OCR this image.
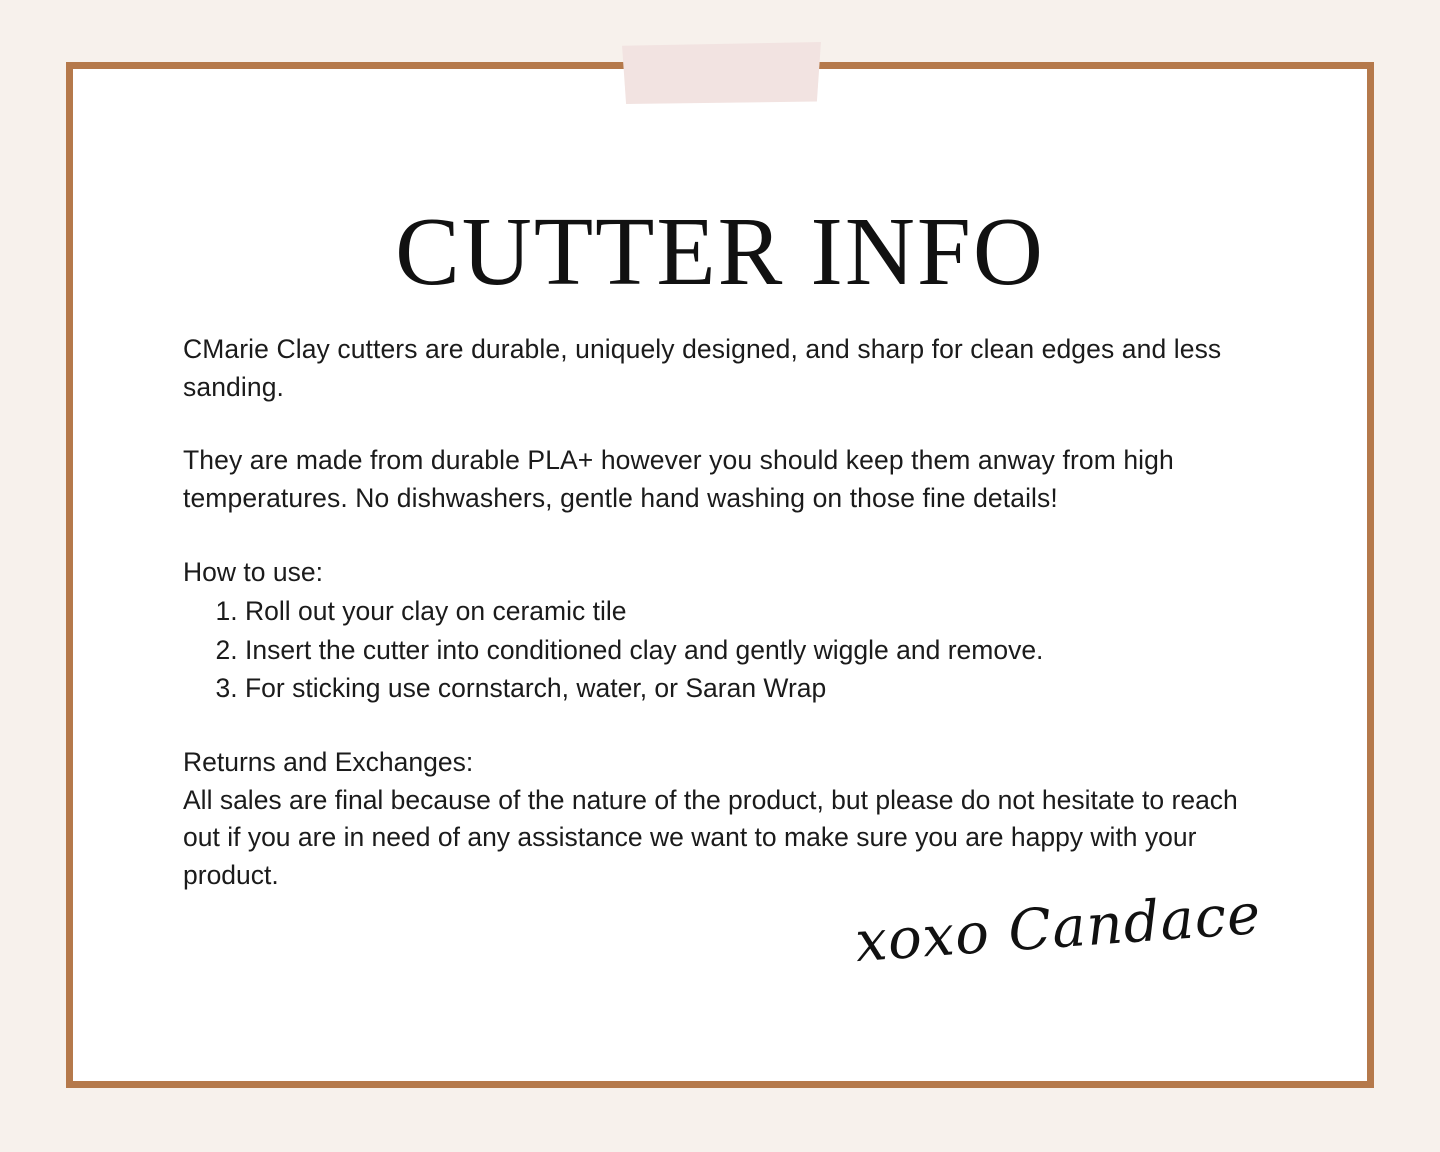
CUTTER INFO

CMarie Clay cutters are durable, uniquely designed, and sharp for clean edges and less sanding.

They are made from durable PLA+ however you should keep them anway from high temperatures. No dishwashers, gentle hand washing on those fine details!

How to use:

1. Roll out your clay on ceramic tile
2. Insert the cutter into conditioned clay and gently wiggle and remove.
3. For sticking use cornstarch, water, or Saran Wrap

Returns and Exchanges:

All sales are final because of the nature of the product, but please do not hesitate to reach out if you are in need of any assistance we want to make sure you are happy with your product.

xoxo Candace
